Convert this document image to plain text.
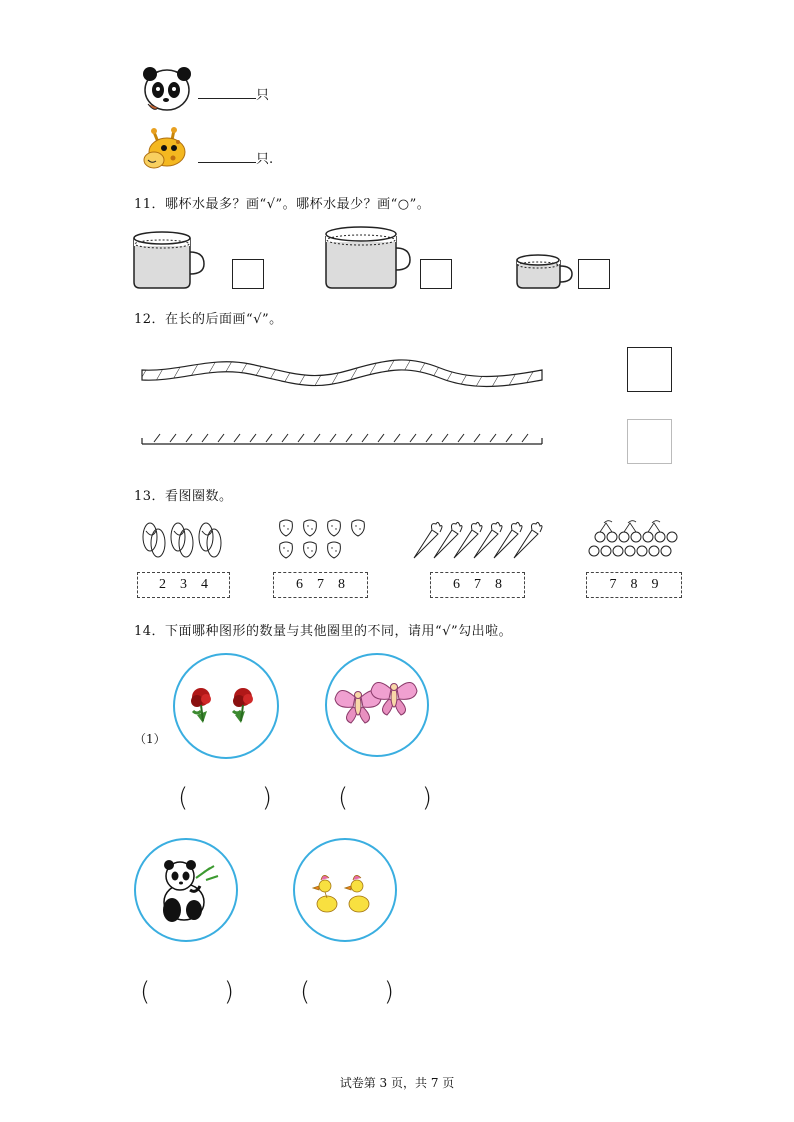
只
只.
11．哪杯水最多？画“√”。哪杯水最少？画“○”。
12．在长的后面画“√”。
13．看图圈数。
2 3 4	6 7 8	6 7 8	7 8 9
14．下面哪种图形的数量与其他圈里的不同，请用“√”勾出啦。
（1）
(	)	(	)
(	)	(	)
试卷第 3 页，共 7 页
